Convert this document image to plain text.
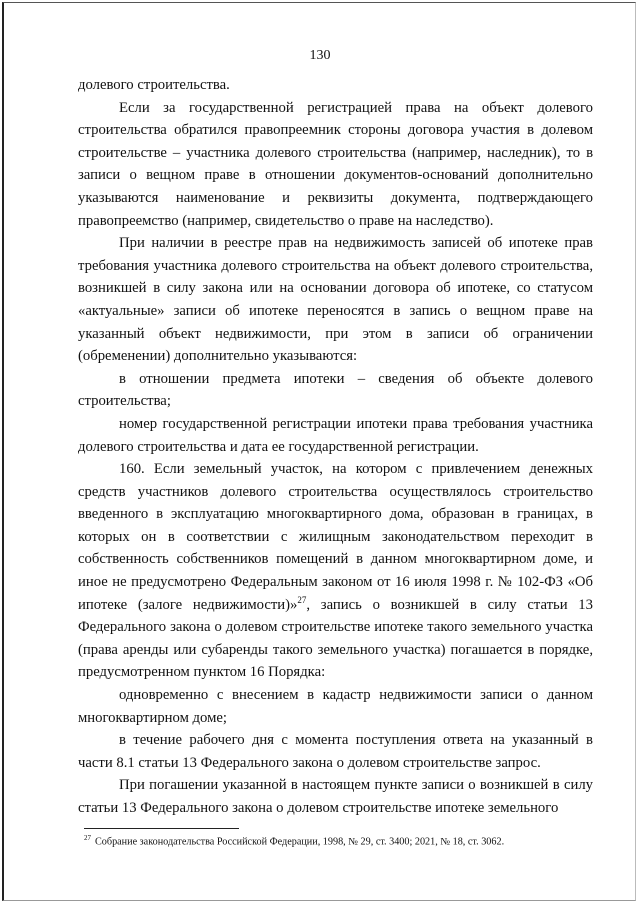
130

долевого строительства.

Если за государственной регистрацией права на объект долевого строительства обратился правопреемник стороны договора участия в долевом строительстве – участника долевого строительства (например, наследник), то в записи о вещном праве в отношении документов-оснований дополнительно указываются наименование и реквизиты документа, подтверждающего правопреемство (например, свидетельство о праве на наследство).

При наличии в реестре прав на недвижимость записей об ипотеке прав требования участника долевого строительства на объект долевого строительства, возникшей в силу закона или на основании договора об ипотеке, со статусом «актуальные» записи об ипотеке переносятся в запись о вещном праве на указанный объект недвижимости, при этом в записи об ограничении (обременении) дополнительно указываются:

в отношении предмета ипотеки – сведения об объекте долевого строительства;

номер государственной регистрации ипотеки права требования участника долевого строительства и дата ее государственной регистрации.

160. Если земельный участок, на котором с привлечением денежных средств участников долевого строительства осуществлялось строительство введенного в эксплуатацию многоквартирного дома, образован в границах, в которых он в соответствии с жилищным законодательством переходит в собственность собственников помещений в данном многоквартирном доме, и иное не предусмотрено Федеральным законом от 16 июля 1998 г. № 102-ФЗ «Об ипотеке (залоге недвижимости)»$^{27}$, запись о возникшей в силу статьи 13 Федерального закона о долевом строительстве ипотеке такого земельного участка (права аренды или субаренды такого земельного участка) погашается в порядке, предусмотренном пунктом 16 Порядка:

одновременно с внесением в кадастр недвижимости записи о данном многоквартирном доме;

в течение рабочего дня с момента поступления ответа на указанный в части 8.1 статьи 13 Федерального закона о долевом строительстве запрос.

При погашении указанной в настоящем пункте записи о возникшей в силу статьи 13 Федерального закона о долевом строительстве ипотеке земельного

$^{27}$ Собрание законодательства Российской Федерации, 1998, № 29, ст. 3400; 2021, № 18, ст. 3062.
